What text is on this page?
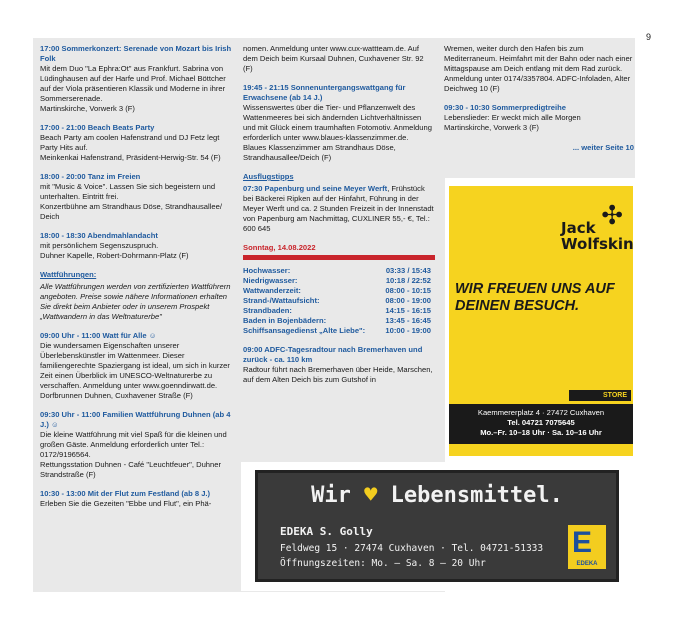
9
17:00 Sommerkonzert: Serenade von Mozart bis Irish Folk
Mit dem Duo "La Ephra:Ot" aus Frankfurt. Sabrina von Lüdinghausen auf der Harfe und Prof. Michael Böttcher auf der Viola präsentieren Klassik und Moderne in ihrer Sommerserenade.
Martinskirche, Vorwerk 3 (F)
17:00 - 21:00 Beach Beats Party
Beach Party am coolen Hafenstrand und DJ Fetz legt Party Hits auf.
Meinkenkai Hafenstrand, Präsident-Herwig-Str. 54 (F)
18:00 - 20:00 Tanz im Freien
mit "Music & Voice". Lassen Sie sich begeistern und unterhalten. Eintritt frei.
Konzertbühne am Strandhaus Döse, Strandhausallee/ Deich
18:00 - 18:30 Abendmahlandacht
mit persönlichem Segenszuspruch.
Duhner Kapelle, Robert-Dohrmann-Platz (F)
Wattführungen:
Alle Wattführungen werden von zertifizierten Wattführern angeboten. Preise sowie nähere Informationen erhalten Sie direkt beim Anbieter oder in unserem Prospekt „Wattwandern in das Weltnaturerbe"
09:00 Uhr - 11:00 Watt für Alle ☺
Die wundersamen Eigenschaften unserer Überlebenskünstler im Wattenmeer. Dieser familiengerechte Spaziergang ist ideal, um sich in kurzer Zeit einen Überblick im UNESCO-Weltnaturerbe zu verschaffen. Anmeldung unter www.goenndirwatt.de.
Dorfbrunnen Duhnen, Cuxhavener Straße (F)
09:30 Uhr - 11:00 Familien Wattführung Duhnen (ab 4 J.) ☺
Die kleine Wattführung mit viel Spaß für die kleinen und großen Gäste. Anmeldung erforderlich unter Tel.: 0172/9196564.
Rettungsstation Duhnen - Café "Leuchtfeuer", Duhner Strandstraße (F)
10:30 - 13:00 Mit der Flut zum Festland (ab 8 J.)
Erleben Sie die Gezeiten "Ebbe und Flut", ein Phä-
nomen. Anmeldung unter www.cux-wattteam.de. Auf dem Deich beim Kursaal Duhnen, Cuxhavener Str. 92 (F)
19:45 - 21:15 Sonnenuntergangswattgang für Erwachsene (ab 14 J.)
Wissenswertes über die Tier- und Pflanzenwelt des Wattenmeeres bei sich ändernden Lichtverhältnissen und mit Glück einem traumhaften Fotomotiv. Anmeldung erforderlich unter www.blaues-klassenzimmer.de.
Blaues Klassenzimmer am Strandhaus Döse, Strandhausallee/Deich (F)
Ausflugstipps
07:30 Papenburg und seine Meyer Werft, Frühstück bei Bäckerei Ripken auf der Hinfahrt, Führung in der Meyer Werft und ca. 2 Stunden Freizeit in der Innenstadt von Papenburg am Nachmittag, CUXLINER 55,- €, Tel.: 600 645
Sonntag, 14.08.2022
Hochwasser:	03:33 / 15:43
Niedrigwasser:	10:18 / 22:52
Wattwanderzeit:	08:00 - 10:15
Strand-/Wattaufsicht:	08:00 - 19:00
Strandbaden:	14:15 - 16:15
Baden in Bojenbädern:	13:45 - 16:45
Schiffsansagedienst „Alte Liebe":	10:00 - 19:00
09:00 ADFC-Tagesradtour nach Bremerhaven und zurück - ca. 110 km
Radtour führt nach Bremerhaven über Heide, Marschen, auf dem Alten Deich bis zum Gutshof in
Wremen, weiter durch den Hafen bis zum Mediterraneum. Heimfahrt mit der Bahn oder nach einer Mittagspause am Deich entlang mit dem Rad zurück. Anmeldung unter 0174/3357804. ADFC-Infoladen, Alter Deichweg 10 (F)
09:30 - 10:30 Sommerpredigtreihe
Lebenslieder: Er weckt mich alle Morgen
Martinskirche, Vorwerk 3 (F)
... weiter Seite 10
✣
Jack
Wolfskin
WIR FREUEN UNS AUF DEINEN BESUCH.
STORE
Kaemmererplatz 4 · 27472 Cuxhaven
Tel. 04721 7075645
Mo.–Fr. 10–18 Uhr · Sa. 10–16 Uhr
Wir ♥ Lebensmittel.
EDEKA S. Golly
Feldweg 15 · 27474 Cuxhaven · Tel. 04721-51333
Öffnungszeiten: Mo. – Sa. 8 – 20 Uhr
E
EDEKA
